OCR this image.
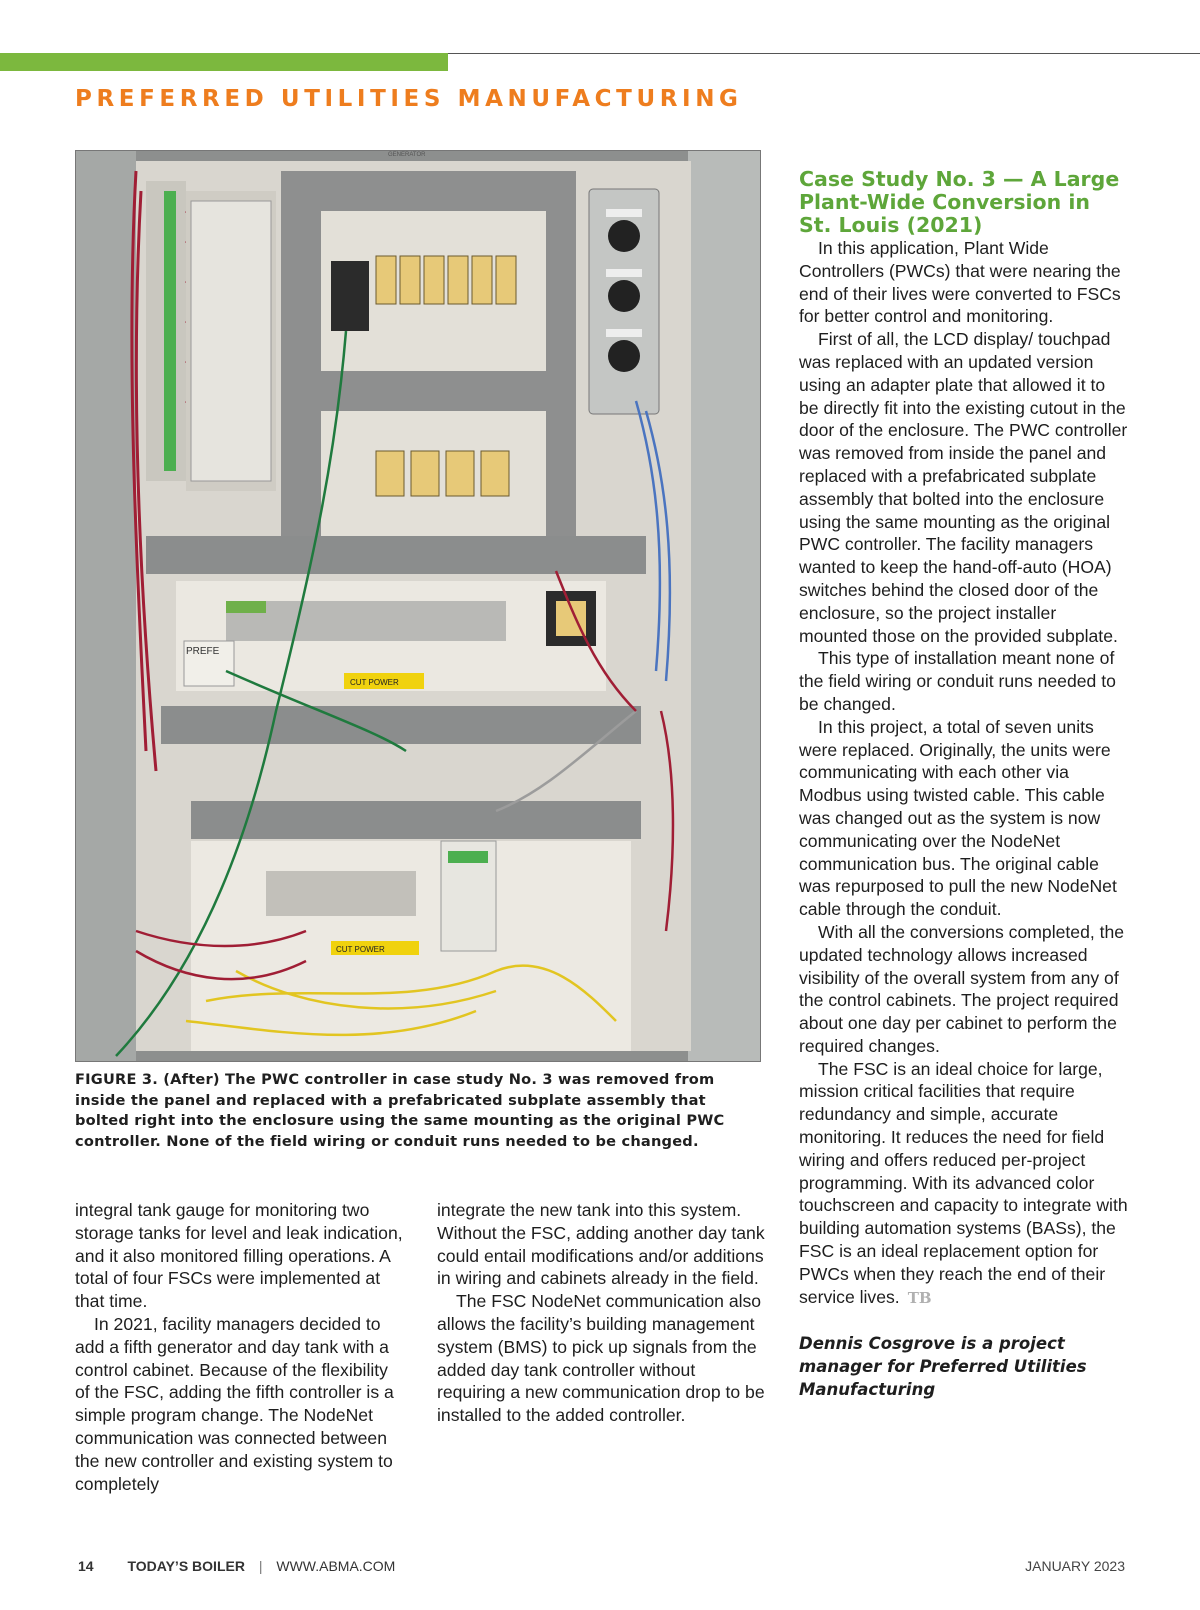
PREFERRED UTILITIES MANUFACTURING
PREFE
CUT POWER
CUT POWER
GENERATOR
FIGURE 3. (After) The PWC controller in case study No. 3 was removed from inside the panel and replaced with a prefabricated subplate assembly that bolted right into the enclosure using the same mounting as the original PWC controller. None of the field wiring or conduit runs needed to be changed.

integral tank gauge for monitoring two storage tanks for level and leak indication, and it also monitored filling operations. A total of four FSCs were implemented at that time.

In 2021, facility managers decided to add a fifth generator and day tank with a control cabinet. Because of the flexibility of the FSC, adding the fifth controller is a simple program change. The NodeNet communication was connected between the new controller and existing system to completely

integrate the new tank into this system. Without the FSC, adding another day tank could entail modifications and/or additions in wiring and cabinets already in the field.

The FSC NodeNet communication also allows the facility’s building management system (BMS) to pick up signals from the added day tank controller without requiring a new communication drop to be installed to the added controller.

Case Study No. 3 — A Large Plant-Wide Conversion in St. Louis (2021)

In this application, Plant Wide Controllers (PWCs) that were nearing the end of their lives were converted to FSCs for better control and monitoring.

First of all, the LCD display/ touchpad was replaced with an updated version using an adapter plate that allowed it to be directly fit into the existing cutout in the door of the enclosure. The PWC controller was removed from inside the panel and replaced with a prefabricated subplate assembly that bolted into the enclosure using the same mounting as the original PWC controller. The facility managers wanted to keep the hand-off-auto (HOA) switches behind the closed door of the enclosure, so the project installer mounted those on the provided subplate.

This type of installation meant none of the field wiring or conduit runs needed to be changed.

In this project, a total of seven units were replaced. Originally, the units were communicating with each other via Modbus using twisted cable. This cable was changed out as the system is now communicating over the NodeNet communication bus. The original cable was repurposed to pull the new NodeNet cable through the conduit.

With all the conversions completed, the updated technology allows increased visibility of the overall system from any of the control cabinets. The project required about one day per cabinet to perform the required changes.

The FSC is an ideal choice for large, mission critical facilities that require redundancy and simple, accurate monitoring. It reduces the need for field wiring and offers reduced per-project programming. With its advanced color touchscreen and capacity to integrate with building automation systems (BASs), the FSC is an ideal replacement option for PWCs when they reach the end of their service lives. TB

Dennis Cosgrove is a project manager for Preferred Utilities Manufacturing

14 TODAY’S BOILER | WWW.ABMA.COM	JANUARY 2023
